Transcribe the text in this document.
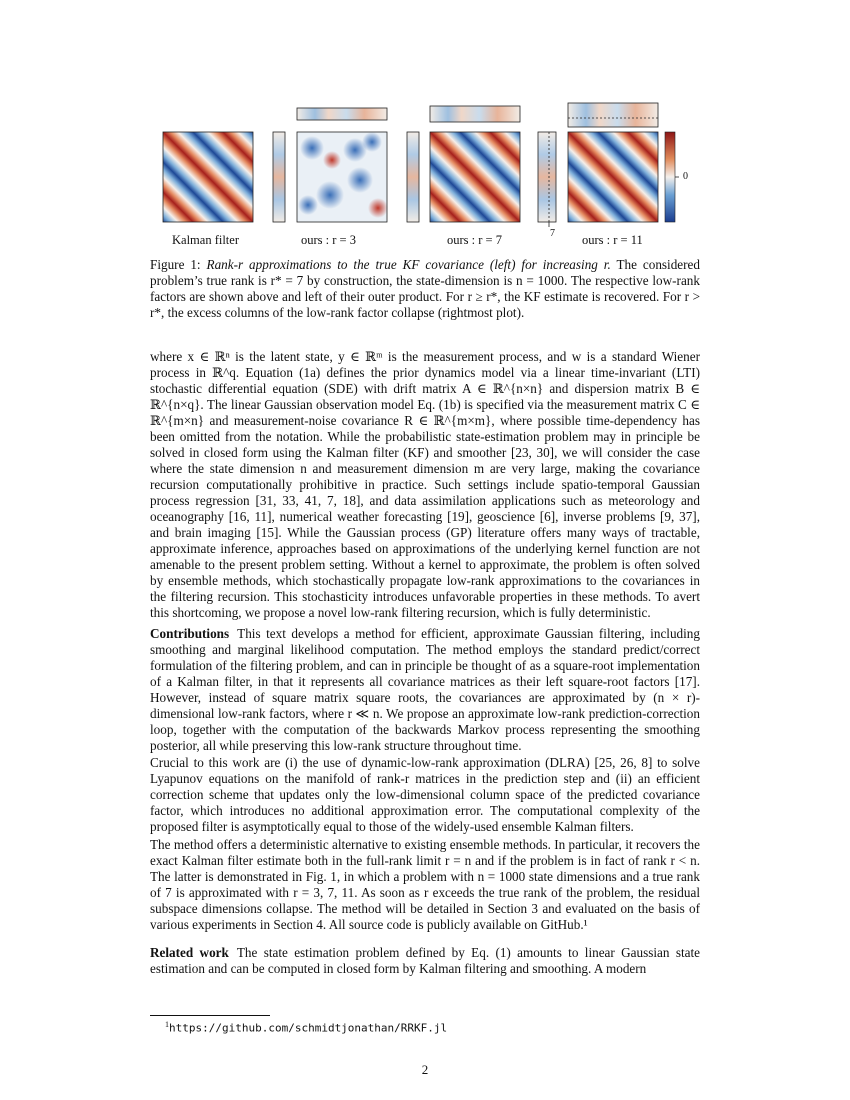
Kalman filter	ours : r = 3	ours : r = 7	ours : r = 11
7
0
Figure 1: Rank-r approximations to the true KF covariance (left) for increasing r. The considered problem’s true rank is r* = 7 by construction, the state-dimension is n = 1000. The respective low-rank factors are shown above and left of their outer product. For r ≥ r*, the KF estimate is recovered. For r > r*, the excess columns of the low-rank factor collapse (rightmost plot).

where x ∈ ℝⁿ is the latent state, y ∈ ℝᵐ is the measurement process, and w is a standard Wiener process in ℝ^q. Equation (1a) defines the prior dynamics model via a linear time-invariant (LTI) stochastic differential equation (SDE) with drift matrix A ∈ ℝ^{n×n} and dispersion matrix B ∈ ℝ^{n×q}. The linear Gaussian observation model Eq. (1b) is specified via the measurement matrix C ∈ ℝ^{m×n} and measurement-noise covariance R ∈ ℝ^{m×m}, where possible time-dependency has been omitted from the notation. While the probabilistic state-estimation problem may in principle be solved in closed form using the Kalman filter (KF) and smoother [23, 30], we will consider the case where the state dimension n and measurement dimension m are very large, making the covariance recursion computationally prohibitive in practice. Such settings include spatio-temporal Gaussian process regression [31, 33, 41, 7, 18], and data assimilation applications such as meteorology and oceanography [16, 11], numerical weather forecasting [19], geoscience [6], inverse problems [9, 37], and brain imaging [15]. While the Gaussian process (GP) literature offers many ways of tractable, approximate inference, approaches based on approximations of the underlying kernel function are not amenable to the present problem setting. Without a kernel to approximate, the problem is often solved by ensemble methods, which stochastically propagate low-rank approximations to the covariances in the filtering recursion. This stochasticity introduces unfavorable properties in these methods. To avert this shortcoming, we propose a novel low-rank filtering recursion, which is fully deterministic.

Contributions This text develops a method for efficient, approximate Gaussian filtering, including smoothing and marginal likelihood computation. The method employs the standard predict/correct formulation of the filtering problem, and can in principle be thought of as a square-root implementation of a Kalman filter, in that it represents all covariance matrices as their left square-root factors [17]. However, instead of square matrix square roots, the covariances are approximated by (n × r)-dimensional low-rank factors, where r ≪ n. We propose an approximate low-rank prediction-correction loop, together with the computation of the backwards Markov process representing the smoothing posterior, all while preserving this low-rank structure throughout time.

Crucial to this work are (i) the use of dynamic-low-rank approximation (DLRA) [25, 26, 8] to solve Lyapunov equations on the manifold of rank-r matrices in the prediction step and (ii) an efficient correction scheme that updates only the low-dimensional column space of the predicted covariance factor, which introduces no additional approximation error. The computational complexity of the proposed filter is asymptotically equal to those of the widely-used ensemble Kalman filters.

The method offers a deterministic alternative to existing ensemble methods. In particular, it recovers the exact Kalman filter estimate both in the full-rank limit r = n and if the problem is in fact of rank r < n. The latter is demonstrated in Fig. 1, in which a problem with n = 1000 state dimensions and a true rank of 7 is approximated with r = 3, 7, 11. As soon as r exceeds the true rank of the problem, the residual subspace dimensions collapse. The method will be detailed in Section 3 and evaluated on the basis of various experiments in Section 4. All source code is publicly available on GitHub.¹

Related work The state estimation problem defined by Eq. (1) amounts to linear Gaussian state estimation and can be computed in closed form by Kalman filtering and smoothing. A modern

$^1$https://github.com/schmidtjonathan/RRKF.jl
2
